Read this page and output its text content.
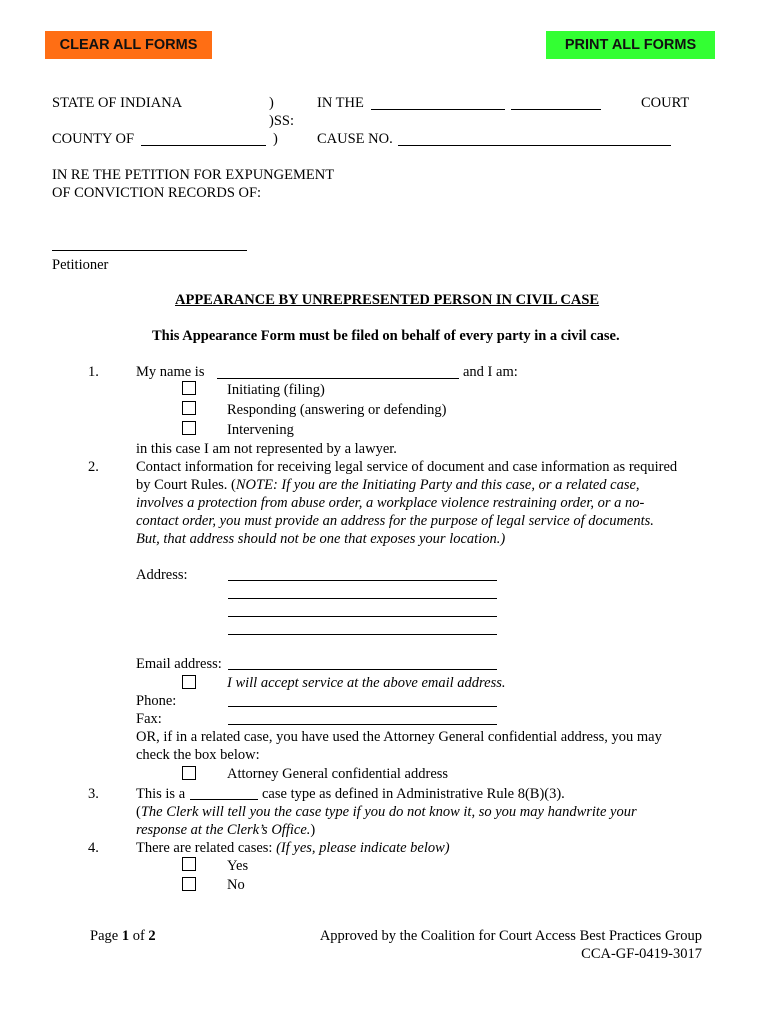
CLEAR ALL FORMS	PRINT ALL FORMS
STATE OF INDIANA	)
)SS:
COUNTY OF	)
IN THE	COURT
CAUSE NO.
IN RE THE PETITION FOR EXPUNGEMENT
OF CONVICTION RECORDS OF:
Petitioner
APPEARANCE BY UNREPRESENTED PERSON IN CIVIL CASE
This Appearance Form must be filed on behalf of every party in a civil case.
1.	My name is	and I am:
Initiating (filing)
Responding (answering or defending)
Intervening
in this case I am not represented by a lawyer.
2.	Contact information for receiving legal service of document and case information as required
by Court Rules. (NOTE: If you are the Initiating Party and this case, or a related case,
involves a protection from abuse order, a workplace violence restraining order, or a no-
contact order, you must provide an address for the purpose of legal service of documents.
But, that address should not be one that exposes your location.)
Address:
Email address:
I will accept service at the above email address.
Phone:
Fax:
OR, if in a related case, you have used the Attorney General confidential address, you may
check the box below:
Attorney General confidential address
3.	This is a	case type as defined in Administrative Rule 8(B)(3).
(The Clerk will tell you the case type if you do not know it, so you may handwrite your
response at the Clerk’s Office.)
4.	There are related cases: (If yes, please indicate below)
Yes
No
Page 1 of 2	Approved by the Coalition for Court Access Best Practices Group
CCA-GF-0419-3017
